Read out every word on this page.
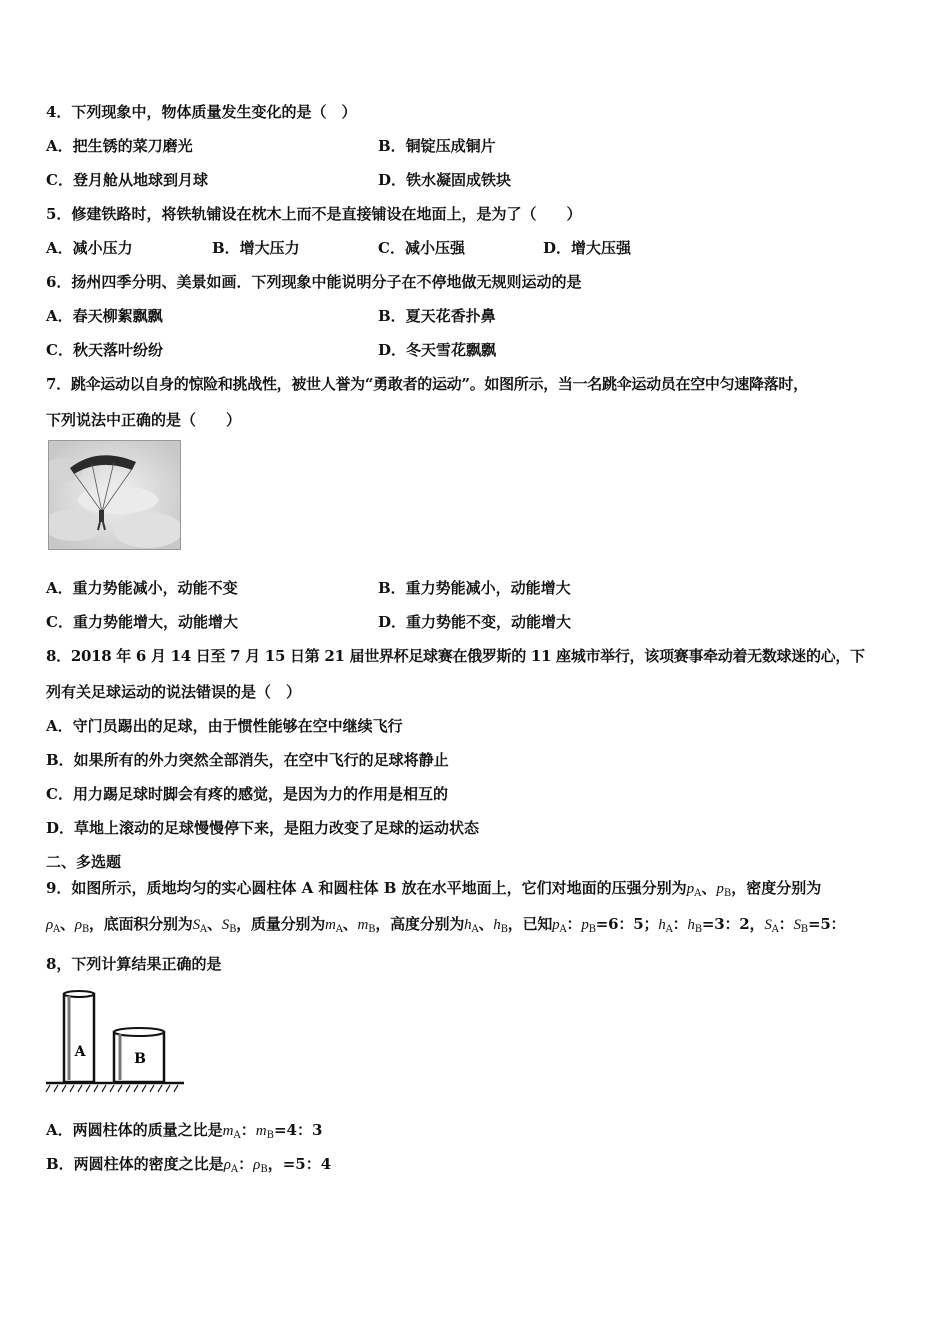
4．下列现象中，物体质量发生变化的是（　）
A．把生锈的菜刀磨光	B．铜锭压成铜片
C．登月舱从地球到月球	D．铁水凝固成铁块
5．修建铁路时，将铁轨铺设在枕木上而不是直接铺设在地面上，是为了（　　）
A．减小压力	B．增大压力	C．减小压强	D．增大压强
6．扬州四季分明、美景如画．下列现象中能说明分子在不停地做无规则运动的是
A．春天柳絮飘飘	B．夏天花香扑鼻
C．秋天落叶纷纷	D．冬天雪花飘飘
7．跳伞运动以自身的惊险和挑战性，被世人誉为“勇敢者的运动”。如图所示，当一名跳伞运动员在空中匀速降落时，
下列说法中正确的是（　　）
A．重力势能减小，动能不变	B．重力势能减小，动能增大
C．重力势能增大，动能增大	D．重力势能不变，动能增大
8．2018 年 6 月 14 日至 7 月 15 日第 21 届世界杯足球赛在俄罗斯的 11 座城市举行，该项赛事牵动着无数球迷的心，下
列有关足球运动的说法错误的是（　）
A．守门员踢出的足球，由于惯性能够在空中继续飞行
B．如果所有的外力突然全部消失，在空中飞行的足球将静止
C．用力踢足球时脚会有疼的感觉，是因为力的作用是相互的
D．草地上滚动的足球慢慢停下来，是阻力改变了足球的运动状态
二、多选题
9．如图所示，质地均匀的实心圆柱体 A 和圆柱体 B 放在水平地面上，它们对地面的压强分别为$p_A$、$p_B$，密度分别为
$\rho_A$、$\rho_B$，底面积分别为$S_A$、$S_B$，质量分别为$m_A$、$m_B$，高度分别为$h_A$、$h_B$，已知$p_A$：$p_B=6$：5；$h_A$：$h_B=3$：2，$S_A$：$S_B=5$：
8，下列计算结果正确的是
A	B
A．两圆柱体的质量之比是$m_A$：$m_B=4$：3
B．两圆柱体的密度之比是$\rho_A$：$\rho_B$，=5：4
